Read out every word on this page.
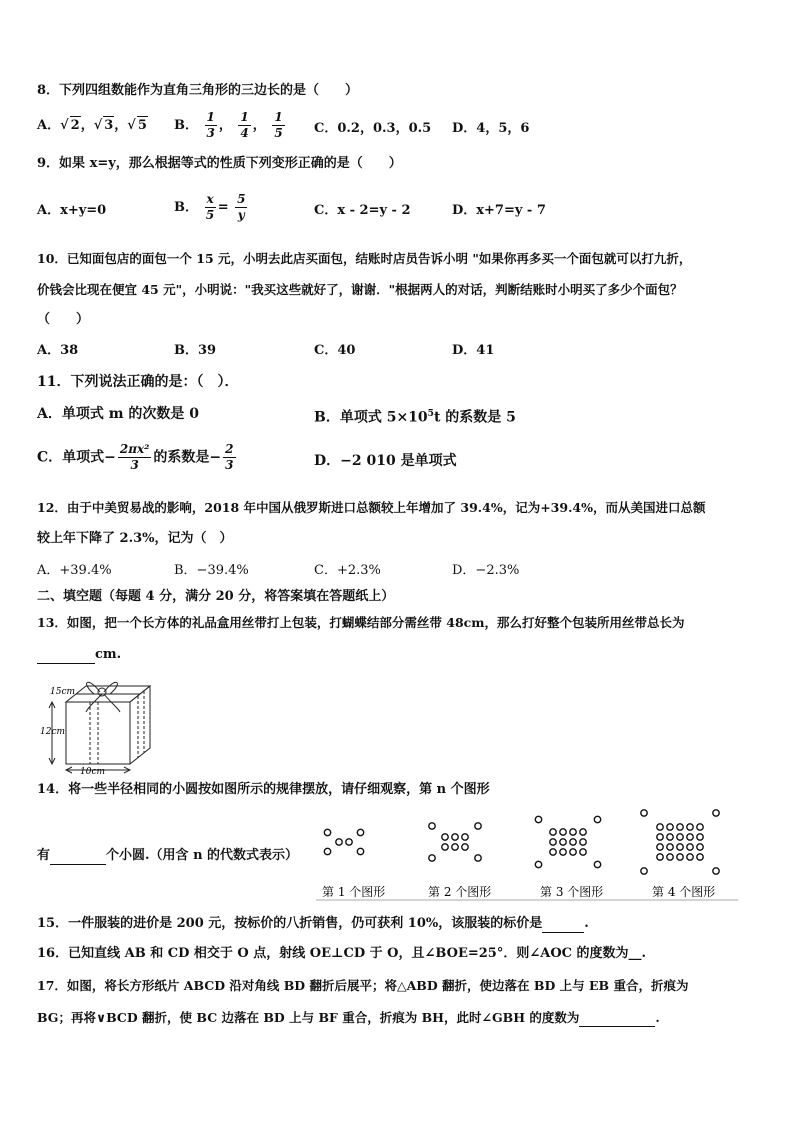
8．下列四组数能作为直角三角形的三边长的是（　　）
A．√ 2，√ 3，√ 5 B． $\frac{1}{3}$ ， $\frac{1}{4}$ ， $\frac{1}{5}$ C．0.2，0.3，0.5 D．4，5，6
9．如果 x=y，那么根据等式的性质下列变形正确的是（　　）
A．x+y=0	B． $\frac{x}{5} = \frac{5}{y}$	C．x - 2=y - 2	D．x+7=y - 7
10．已知面包店的面包一个 15 元，小明去此店买面包，结账时店员告诉小明 "如果你再多买一个面包就可以打九折，
价钱会比现在便宜 45 元"，小明说："我买这些就好了，谢谢．"根据两人的对话，判断结账时小明买了多少个面包？
（　　）
A．38	B．39	C．40	D．41
11．下列说法正确的是：（　）．
A．单项式 m 的次数是 0	B．单项式 $5\times 10^5t$ 的系数是 5
C．单项式− $\frac{\text{2πx²}}{3}$ 的系数是− $\frac{2}{3}$	D．−2 010 是单项式
12．由于中美贸易战的影响，2018 年中国从俄罗斯进口总额较上年增加了 39.4%，记为+39.4%，而从美国进口总额
较上年下降了 2.3%，记为（　）
A．+39.4%	B．−39.4%	C．+2.3%	D．−2.3%
二、填空题（每题 4 分，满分 20 分，将答案填在答题纸上）
13．如图，把一个长方体的礼品盒用丝带打上包装，打蝴蝶结部分需丝带 48cm，那么打好整个包装所用丝带总长为
cm.
12cm
10cm
15cm
14．将一些半径相同的小圆按如图所示的规律摆放，请仔细观察，第 n 个图形
有	个小圆.（用含 n 的代数式表示）
第 1 个图形	第 2 个图形	第 3 个图形	第 4 个图形
15．一件服装的进价是 200 元，按标价的八折销售，仍可获利 10%，该服装的标价是	.
16．已知直线 AB 和 CD 相交于 O 点，射线 OE⊥CD 于 O，且∠BOE=25°．则∠AOC 的度数为__.
17．如图，将长方形纸片 ABCD 沿对角线 BD 翻折后展平；将△ABD 翻折，使边落在 BD 上与 EB 重合，折痕为
BG；再将∨BCD 翻折，使 BC 边落在 BD 上与 BF 重合，折痕为 BH，此时∠GBH 的度数为	.
